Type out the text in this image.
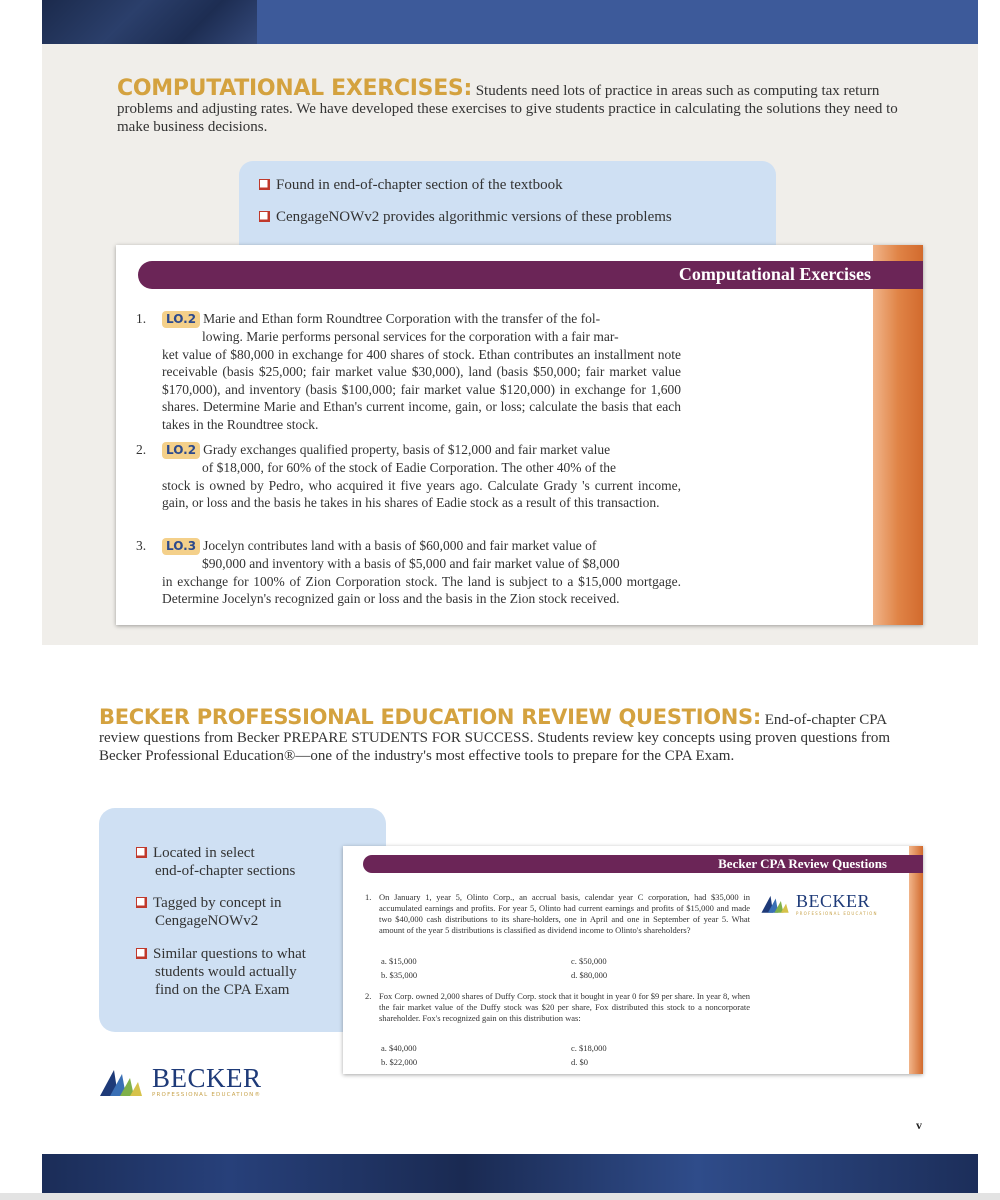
COMPUTATIONAL EXERCISES: Students need lots of practice in areas such as computing tax return problems and adjusting rates. We have developed these exercises to give students practice in calculating the solutions they need to make business decisions.
Found in end-of-chapter section of the textbook
CengageNOWv2 provides algorithmic versions of these problems
Computational Exercises
1.	LO.2 Marie and Ethan form Roundtree Corporation with the transfer of the fol-
lowing. Marie performs personal services for the corporation with a fair mar-
ket value of $80,000 in exchange for 400 shares of stock. Ethan contributes an installment note receivable (basis $25,000; fair market value $30,000), land (basis $50,000; fair market value $170,000), and inventory (basis $100,000; fair market value $120,000) in exchange for 1,600 shares. Determine Marie and Ethan's current income, gain, or loss; calculate the basis that each takes in the Roundtree stock.
2.	LO.2 Grady exchanges qualified property, basis of $12,000 and fair market value
of $18,000, for 60% of the stock of Eadie Corporation. The other 40% of the
stock is owned by Pedro, who acquired it five years ago. Calculate Grady 's current income, gain, or loss and the basis he takes in his shares of Eadie stock as a result of this transaction.
3.	LO.3 Jocelyn contributes land with a basis of $60,000 and fair market value of
$90,000 and inventory with a basis of $5,000 and fair market value of $8,000
in exchange for 100% of Zion Corporation stock. The land is subject to a $15,000 mortgage. Determine Jocelyn's recognized gain or loss and the basis in the Zion stock received.
BECKER PROFESSIONAL EDUCATION REVIEW QUESTIONS: End-of-chapter CPA review questions from Becker PREPARE STUDENTS FOR SUCCESS. Students review key concepts using proven questions from Becker Professional Education®—one of the industry's most effective tools to prepare for the CPA Exam.
Located in select
end-of-chapter sections
Tagged by concept in
CengageNOWv2
Similar questions to what
students would actually
find on the CPA Exam
BECKER
PROFESSIONAL EDUCATION®
Becker CPA Review Questions
BECKER
PROFESSIONAL EDUCATION
1. On January 1, year 5, Olinto Corp., an accrual basis, calendar year C corporation, had $35,000 in accumulated earnings and profits. For year 5, Olinto had current earnings and profits of $15,000 and made two $40,000 cash distributions to its share-holders, one in April and one in September of year 5. What amount of the year 5 distributions is classified as dividend income to Olinto's shareholders?
a. $15,000
b. $35,000
c. $50,000
d. $80,000
2. Fox Corp. owned 2,000 shares of Duffy Corp. stock that it bought in year 0 for $9 per share. In year 8, when the fair market value of the Duffy stock was $20 per share, Fox distributed this stock to a noncorporate shareholder. Fox's recognized gain on this distribution was:
a. $40,000
b. $22,000
c. $18,000
d. $0
v
